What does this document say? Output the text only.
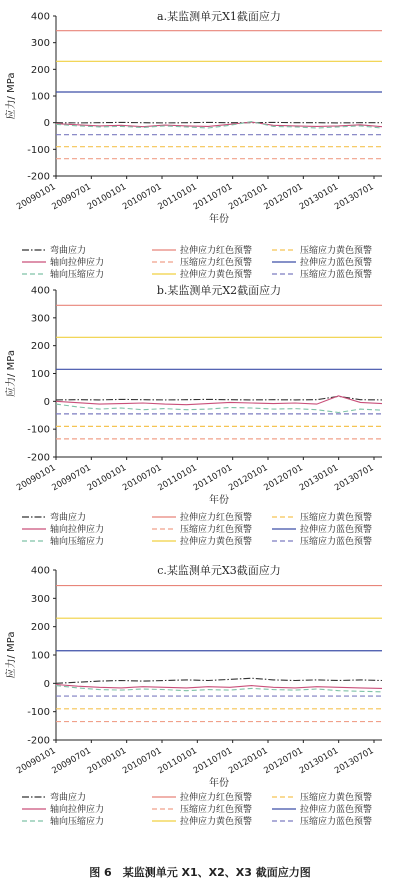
图 6　某监测单元 X1、X2、X3 截面应力图
a.某监测单元X1截面应力
400
300
200
100
0
-100
-200
应力/ MPa
20090101
20090701
20100101
20100701
20110101
20110701
20120101
20120701
20130101
20130701
年份
弯曲应力	拉伸应力红色预警	压缩应力黄色预警
轴向拉伸应力	压缩应力红色预警	拉伸应力蓝色预警
轴向压缩应力	拉伸应力黄色预警	压缩应力蓝色预警
b.某监测单元X2截面应力
400
300
200
100
0
-100
-200
应力/ MPa
20090101
20090701
20100101
20100701
20110101
20110701
20120101
20120701
20130101
20130701
年份
弯曲应力	拉伸应力红色预警	压缩应力黄色预警
轴向拉伸应力	压缩应力红色预警	拉伸应力蓝色预警
轴向压缩应力	拉伸应力黄色预警	压缩应力蓝色预警
c.某监测单元X3截面应力
400
300
200
100
0
-100
-200
应力/ MPa
20090101
20090701
20100101
20100701
20110101
20110701
20120101
20120701
20130101
20130701
年份
弯曲应力	拉伸应力红色预警	压缩应力黄色预警
轴向拉伸应力	压缩应力红色预警	拉伸应力蓝色预警
轴向压缩应力	拉伸应力黄色预警	压缩应力蓝色预警
